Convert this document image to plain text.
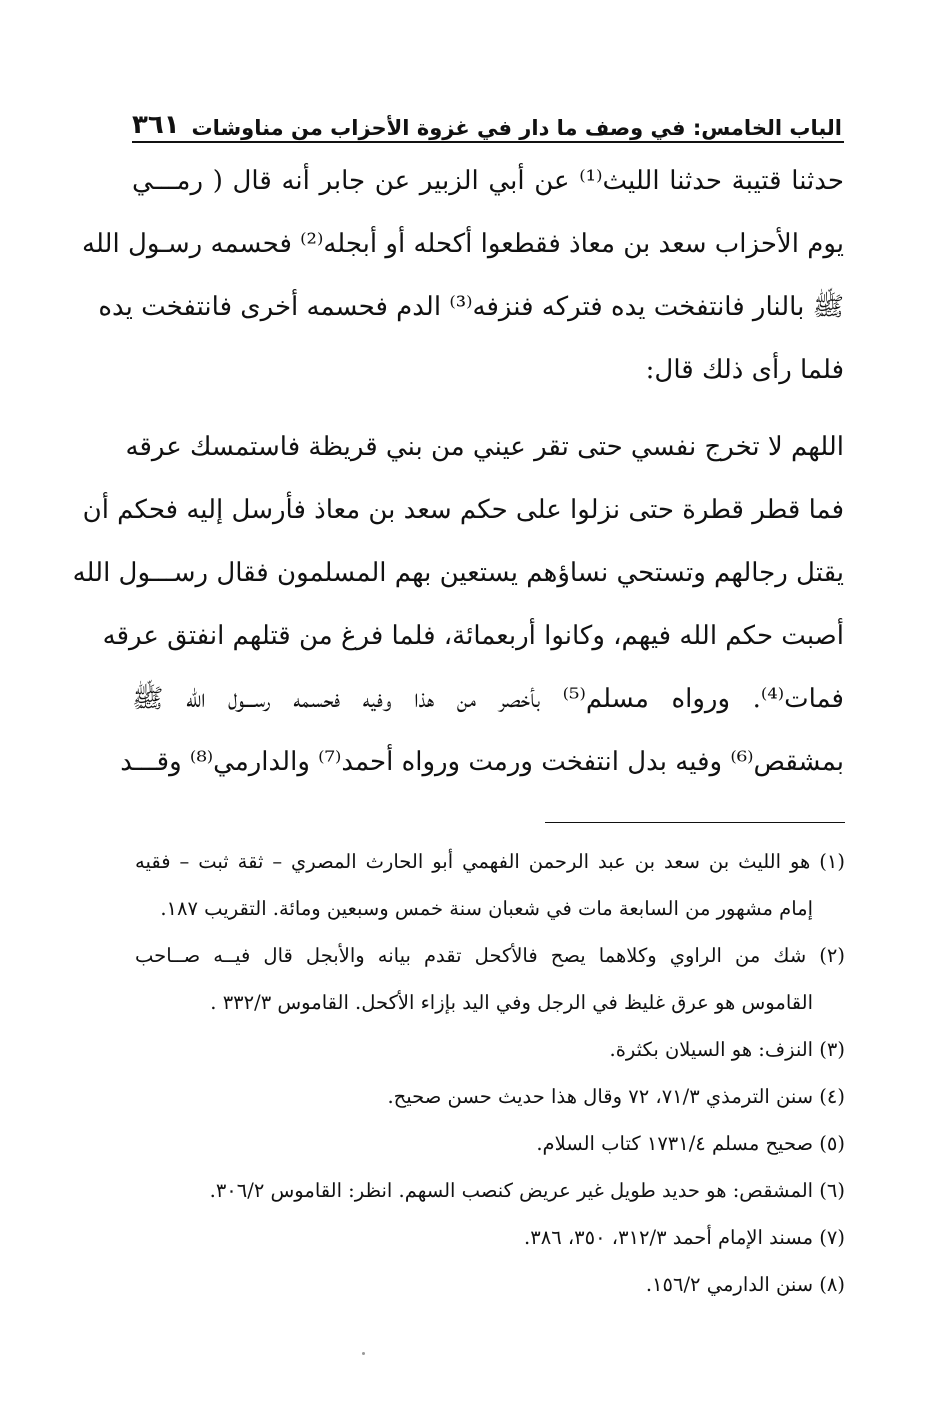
الباب الخامس: في وصف ما دار في غزوة الأحزاب من مناوشات
٣٦١
حدثنا قتيبة حدثنا الليث⁽¹⁾ عن أبي الزبير عن جابر أنه قال ( رمـــي
يوم الأحزاب سعد بن معاذ فقطعوا أكحله أو أبجله⁽²⁾ فحسمه رسـول الله
ﷺ بالنار فانتفخت يده فتركه فنزفه⁽³⁾ الدم فحسمه أخرى فانتفخت يده
فلما رأى ذلك قال:
اللهم لا تخرج نفسي حتى تقر عيني من بني قريظة فاستمسك عرقه
فما قطر قطرة حتى نزلوا على حكم سعد بن معاذ فأرسل إليه فحكم أن
يقتل رجالهم وتستحي نساؤهم يستعين بهم المسلمون فقال رســـول الله
أصبت حكم الله فيهم، وكانوا أربعمائة، فلما فرغ من قتلهم انفتق عرقه
فمات⁽⁴⁾. ورواه مسلم⁽⁵⁾ بأخصر من هذا وفيه فحسمه رســـول الله ﷺ
بمشقص⁽⁶⁾ وفيه بدل انتفخت ورمت ورواه أحمد⁽⁷⁾ والدارمي⁽⁸⁾ وقـــد
(١) هو الليث بن سعد بن عبد الرحمن الفهمي أبو الحارث المصري – ثقة ثبت – فقيه
إمام مشهور من السابعة مات في شعبان سنة خمس وسبعين ومائة. التقريب ١٨٧.
(٢) شك من الراوي وكلاهما يصح فالأكحل تقدم بيانه والأبجل قال فيــه صــاحب
القاموس هو عرق غليظ في الرجل وفي اليد بإزاء الأكحل. القاموس ٣٣٢/٣ .
(٣) النزف: هو السيلان بكثرة.
(٤) سنن الترمذي ٧١/٣، ٧٢ وقال هذا حديث حسن صحيح.
(٥) صحيح مسلم ١٧٣١/٤ كتاب السلام.
(٦) المشقص: هو حديد طويل غير عريض كنصب السهم. انظر: القاموس ٣٠٦/٢.
(٧) مسند الإمام أحمد ٣١٢/٣، ٣٥٠، ٣٨٦.
(٨) سنن الدارمي ١٥٦/٢.
